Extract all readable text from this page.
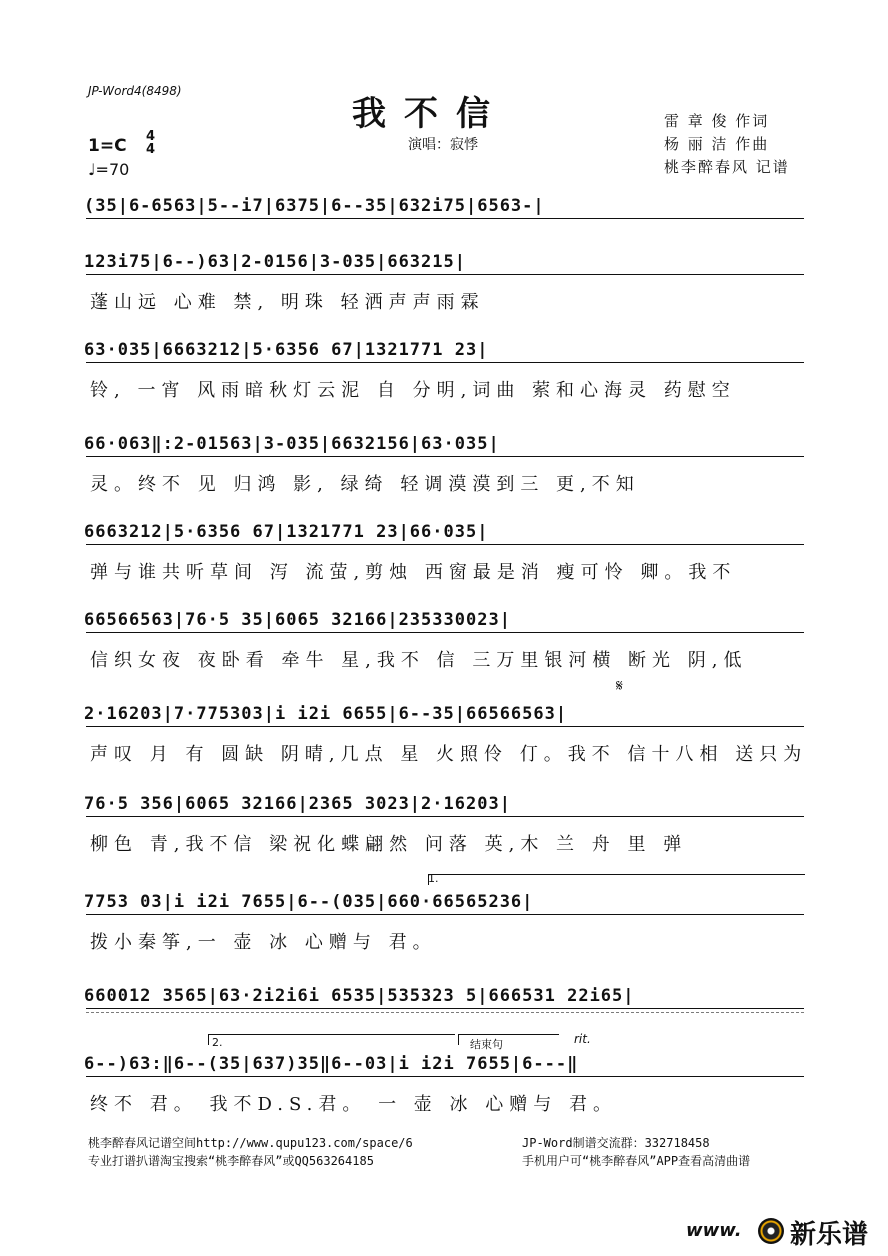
JP-Word4(8498)
我不信
演唱：寂悸
雷 章 俊 作词
杨 丽 洁 作曲
桃李醉春风 记谱
1=C 4
4
♩=70
𝄋
(35|6-6563|5--i7|6375|6--35|632i75|6563-|
123i75|6--)63|2-0156|3-035|663215|
蓬山远 心难 禁, 明珠 轻洒声声雨霖
63·035|6663212|5·6356 67|1321771 23|
铃, 一宵 风雨暗秋灯云泥 自 分明,词曲 萦和心海灵 药慰空
66·063‖:2-01563|3-035|6632156|63·035|
灵。终不 见 归鸿 影, 绿绮 轻调漠漠到三 更,不知
6663212|5·6356 67|1321771 23|66·035|
弹与谁共听草间 泻 流萤,剪烛 西窗最是消 瘦可怜 卿。我不
66566563|76·5 35|6065 32166|235330023|
信织女夜 夜卧看 牵牛 星,我不 信 三万里银河横 断光 阴,低
2·16203|7·775303|i i2i 6655|6--35|66566563|
声叹 月 有 圆缺 阴晴,几点 星 火照伶 仃。我不 信十八相 送只为
76·5 356|6065 32166|2365 3023|2·16203|
柳色 青,我不信 梁祝化蝶翩然 问落 英,木 兰 舟 里 弹
1.
7753 03|i i2i 7655|6--(035|660·66565236|
拨小秦筝,一 壶 冰 心赠与 君。
660012 3565|63·2i2i6i 6535|535323 5|666531 22i65|
2.	结束句	rit.
6--)63:‖6--(35|637)35‖6--03|i i2i 7655|6---‖
终不 君。 我不D.S.君。 一 壶 冰 心赠与 君。
桃李醉春风记谱空间http://www.qupu123.com/space/6
专业打谱扒谱淘宝搜索“桃李醉春风”或QQ563264185
JP-Word制谱交流群：332718458
手机用户可“桃李醉春风”APP查看高清曲谱
www. 新乐谱
